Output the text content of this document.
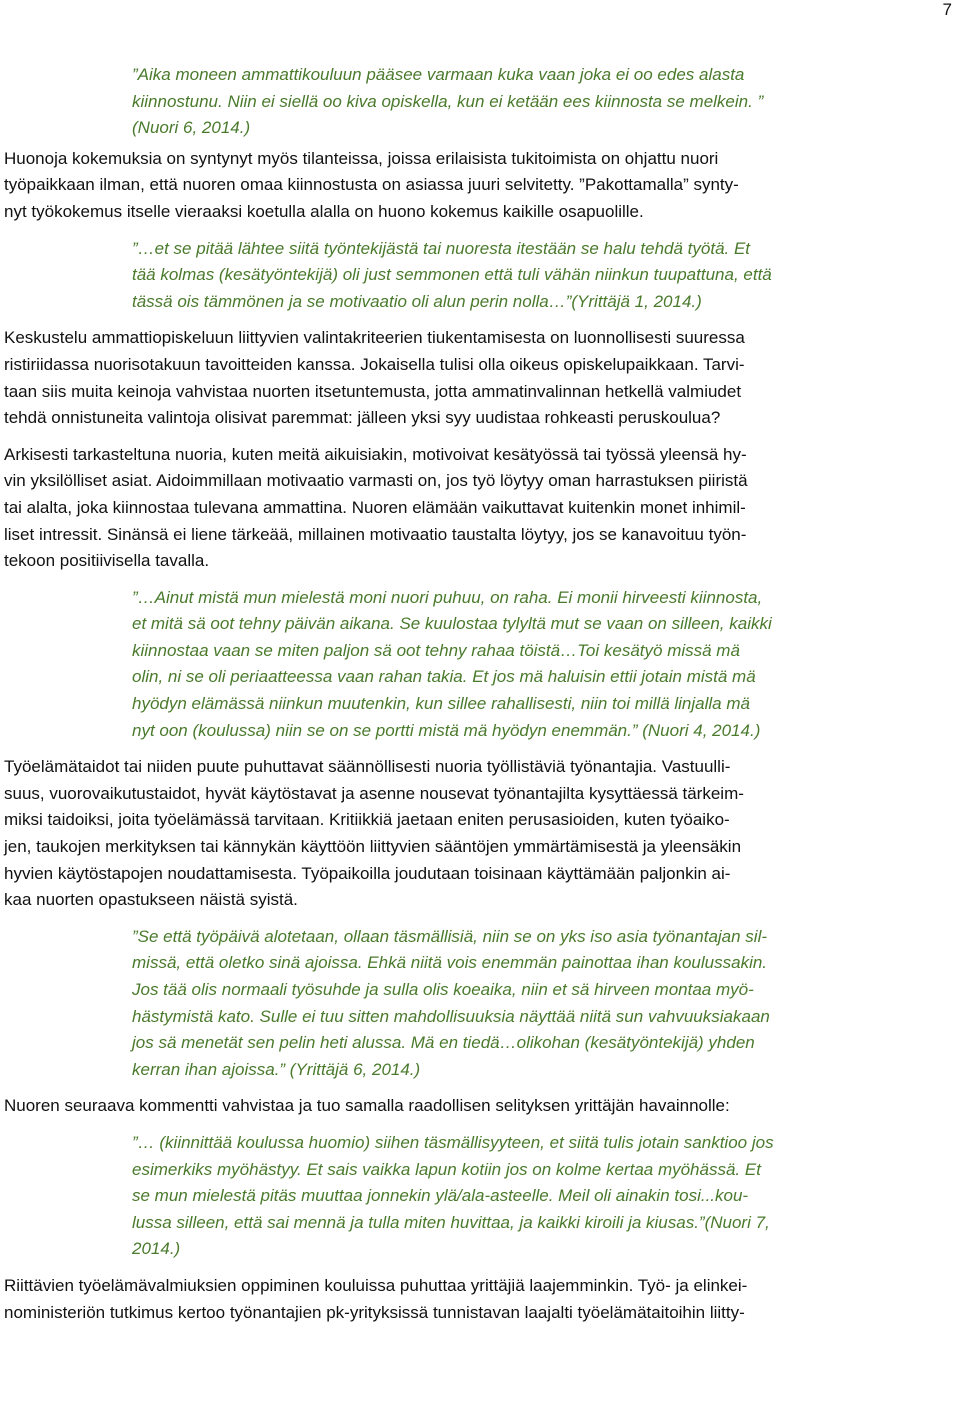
7

”Aika moneen ammattikouluun pääsee varmaan kuka vaan joka ei oo edes alasta
kiinnostunu. Niin ei siellä oo kiva opiskella, kun ei ketään ees kiinnosta se melkein. ”
(Nuori 6, 2014.)

Huonoja kokemuksia on syntynyt myös tilanteissa, joissa erilaisista tukitoimista on ohjattu nuori
työpaikkaan ilman, että nuoren omaa kiinnostusta on asiassa juuri selvitetty. ”Pakottamalla” synty-
nyt työkokemus itselle vieraaksi koetulla alalla on huono kokemus kaikille osapuolille.

”…et se pitää lähtee siitä työntekijästä tai nuoresta itestään se halu tehdä työtä. Et
tää kolmas (kesätyöntekijä) oli just semmonen että tuli vähän niinkun tuupattuna, että
tässä ois tämmönen ja se motivaatio oli alun perin nolla…”(Yrittäjä 1, 2014.)

Keskustelu ammattiopiskeluun liittyvien valintakriteerien tiukentamisesta on luonnollisesti suuressa
ristiriidassa nuorisotakuun tavoitteiden kanssa. Jokaisella tulisi olla oikeus opiskelupaikkaan. Tarvi-
taan siis muita keinoja vahvistaa nuorten itsetuntemusta, jotta ammatinvalinnan hetkellä valmiudet
tehdä onnistuneita valintoja olisivat paremmat: jälleen yksi syy uudistaa rohkeasti peruskoulua?

Arkisesti tarkasteltuna nuoria, kuten meitä aikuisiakin, motivoivat kesätyössä tai työssä yleensä hy-
vin yksilölliset asiat. Aidoimmillaan motivaatio varmasti on, jos työ löytyy oman harrastuksen piiristä
tai alalta, joka kiinnostaa tulevana ammattina. Nuoren elämään vaikuttavat kuitenkin monet inhimil-
liset intressit. Sinänsä ei liene tärkeää, millainen motivaatio taustalta löytyy, jos se kanavoituu työn-
tekoon positiivisella tavalla.

”…Ainut mistä mun mielestä moni nuori puhuu, on raha. Ei monii hirveesti kiinnosta,
et mitä sä oot tehny päivän aikana. Se kuulostaa tylyltä mut se vaan on silleen, kaikki
kiinnostaa vaan se miten paljon sä oot tehny rahaa töistä…Toi kesätyö missä mä
olin, ni se oli periaatteessa vaan rahan takia. Et jos mä haluisin ettii jotain mistä mä
hyödyn elämässä niinkun muutenkin, kun sillee rahallisesti, niin toi millä linjalla mä
nyt oon (koulussa) niin se on se portti mistä mä hyödyn enemmän.” (Nuori 4, 2014.)

Työelämätaidot tai niiden puute puhuttavat säännöllisesti nuoria työllistäviä työnantajia. Vastuulli-
suus, vuorovaikutustaidot, hyvät käytöstavat ja asenne nousevat työnantajilta kysyttäessä tärkeim-
miksi taidoiksi, joita työelämässä tarvitaan. Kritiikkiä jaetaan eniten perusasioiden, kuten työaiko-
jen, taukojen merkityksen tai kännykän käyttöön liittyvien sääntöjen ymmärtämisestä ja yleensäkin
hyvien käytöstapojen noudattamisesta. Työpaikoilla joudutaan toisinaan käyttämään paljonkin ai-
kaa nuorten opastukseen näistä syistä.

”Se että työpäivä alotetaan, ollaan täsmällisiä, niin se on yks iso asia työnantajan sil-
missä, että oletko sinä ajoissa. Ehkä niitä vois enemmän painottaa ihan koulussakin.
Jos tää olis normaali työsuhde ja sulla olis koeaika, niin et sä hirveen montaa myö-
hästymistä kato. Sulle ei tuu sitten mahdollisuuksia näyttää niitä sun vahvuuksiakaan
jos sä menetät sen pelin heti alussa. Mä en tiedä…olikohan (kesätyöntekijä) yhden
kerran ihan ajoissa.” (Yrittäjä 6, 2014.)

Nuoren seuraava kommentti vahvistaa ja tuo samalla raadollisen selityksen yrittäjän havainnolle:

”… (kiinnittää koulussa huomio) siihen täsmällisyyteen, et siitä tulis jotain sanktioo jos
esimerkiks myöhästyy. Et sais vaikka lapun kotiin jos on kolme kertaa myöhässä. Et
se mun mielestä pitäs muuttaa jonnekin ylä/ala-asteelle. Meil oli ainakin tosi...kou-
lussa silleen, että sai mennä ja tulla miten huvittaa, ja kaikki kiroili ja kiusas.”(Nuori 7,
2014.)

Riittävien työelämävalmiuksien oppiminen kouluissa puhuttaa yrittäjiä laajemminkin. Työ- ja elinkei-
noministeriön tutkimus kertoo työnantajien pk-yrityksissä tunnistavan laajalti työelämätaitoihin liitty-
